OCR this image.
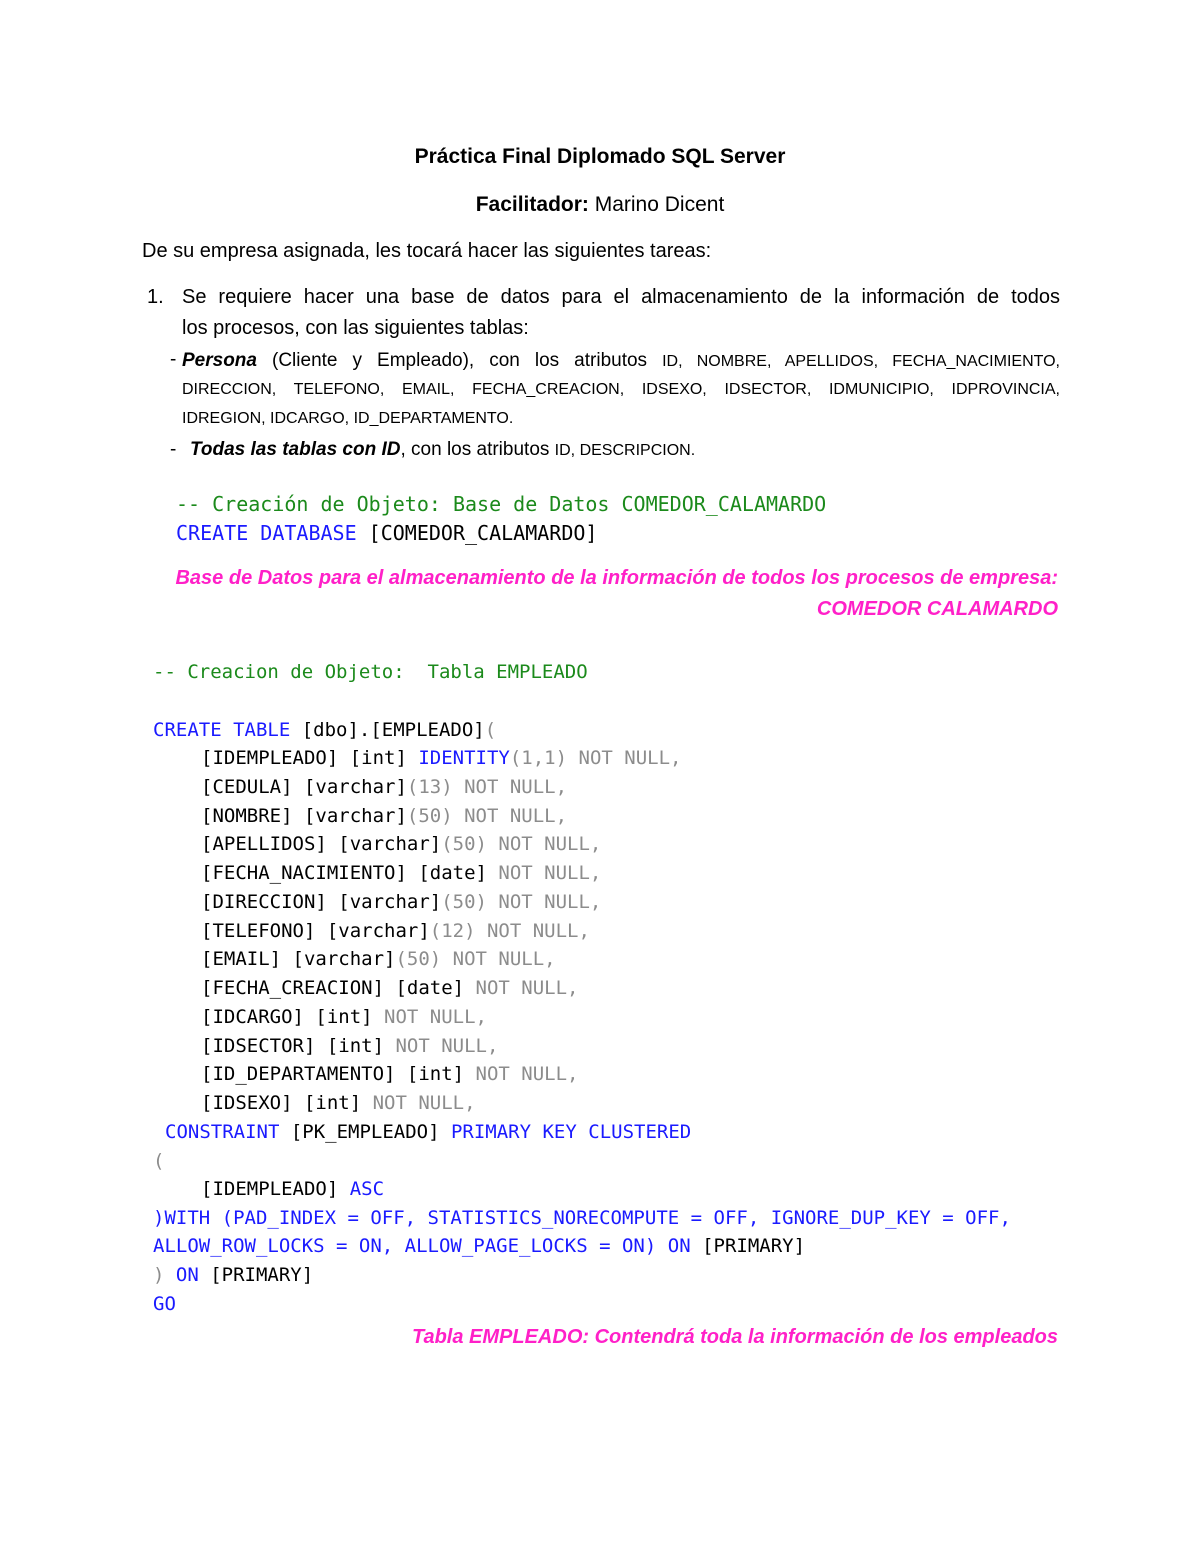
Práctica Final Diplomado SQL Server
Facilitador: Marino Dicent
De su empresa asignada, les tocará hacer las siguientes tareas:
1. Se requiere hacer una base de datos para el almacenamiento de la información de todos
los procesos, con las siguientes tablas:
- Persona (Cliente y Empleado), con los atributos ID, NOMBRE, APELLIDOS, FECHA_NACIMIENTO,
DIRECCION, TELEFONO, EMAIL, FECHA_CREACION, IDSEXO, IDSECTOR, IDMUNICIPIO, IDPROVINCIA,
IDREGION, IDCARGO, ID_DEPARTAMENTO.
- Todas las tablas con ID, con los atributos ID, DESCRIPCION.
-- Creación de Objeto: Base de Datos COMEDOR_CALAMARDO
CREATE DATABASE [COMEDOR_CALAMARDO]
Base de Datos para el almacenamiento de la información de todos los procesos de empresa:
COMEDOR CALAMARDO
-- Creacion de Objeto:  Tabla EMPLEADO
CREATE TABLE [dbo].[EMPLEADO](
[IDEMPLEADO] [int] IDENTITY(1,1) NOT NULL,
[CEDULA] [varchar](13) NOT NULL,
[NOMBRE] [varchar](50) NOT NULL,
[APELLIDOS] [varchar](50) NOT NULL,
[FECHA_NACIMIENTO] [date] NOT NULL,
[DIRECCION] [varchar](50) NOT NULL,
[TELEFONO] [varchar](12) NOT NULL,
[EMAIL] [varchar](50) NOT NULL,
[FECHA_CREACION] [date] NOT NULL,
[IDCARGO] [int] NOT NULL,
[IDSECTOR] [int] NOT NULL,
[ID_DEPARTAMENTO] [int] NOT NULL,
[IDSEXO] [int] NOT NULL,
CONSTRAINT [PK_EMPLEADO] PRIMARY KEY CLUSTERED
(
[IDEMPLEADO] ASC
)WITH (PAD_INDEX = OFF, STATISTICS_NORECOMPUTE = OFF, IGNORE_DUP_KEY = OFF,
ALLOW_ROW_LOCKS = ON, ALLOW_PAGE_LOCKS = ON) ON [PRIMARY]
) ON [PRIMARY]
GO
Tabla EMPLEADO: Contendrá toda la información de los empleados
